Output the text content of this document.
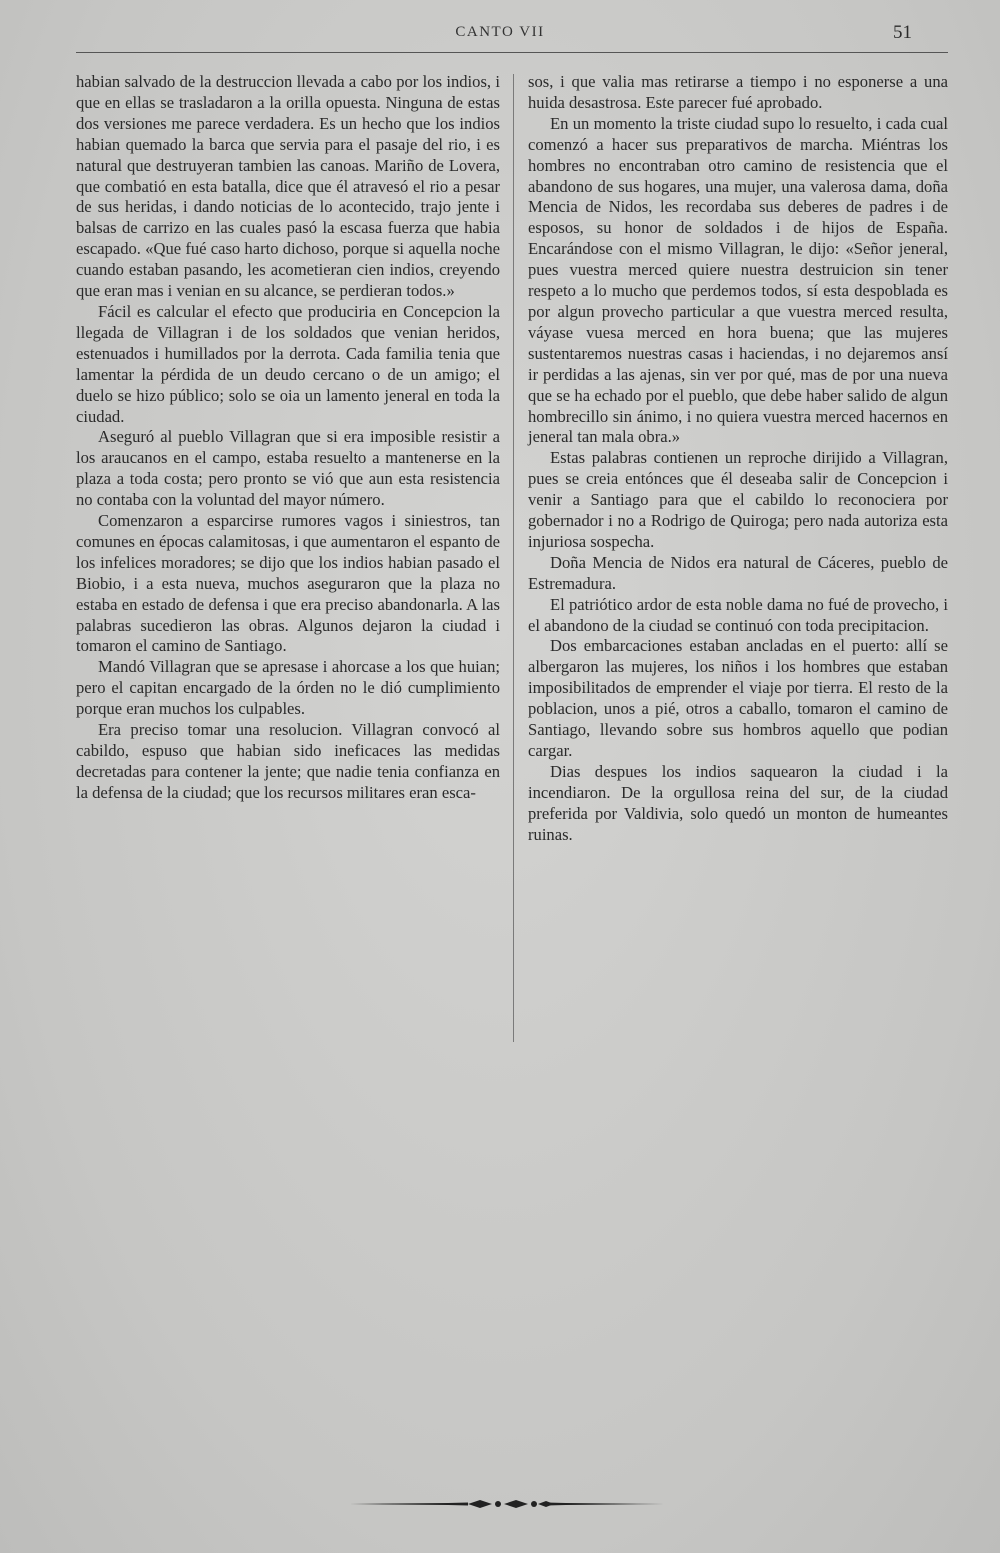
CANTO VII	51

habian salvado de la destruccion llevada a cabo por los indios, i que en ellas se trasladaron a la orilla opuesta. Ninguna de estas dos versiones me parece verdadera. Es un hecho que los indios habian quemado la barca que servia para el pasaje del rio, i es natural que destruyeran tambien las canoas. Mariño de Lovera, que combatió en esta batalla, dice que él atravesó el rio a pesar de sus heridas, i dando noticias de lo acontecido, trajo jente i balsas de carrizo en las cuales pasó la escasa fuerza que habia escapado. «Que fué caso harto dichoso, porque si aquella noche cuando estaban pasando, les acometieran cien indios, creyendo que eran mas i venian en su alcance, se perdieran todos.»

Fácil es calcular el efecto que produciria en Concepcion la llegada de Villagran i de los soldados que venian heridos, estenuados i humillados por la derrota. Cada familia tenia que lamentar la pérdida de un deudo cercano o de un amigo; el duelo se hizo público; solo se oia un lamento jeneral en toda la ciudad.

Aseguró al pueblo Villagran que si era imposible resistir a los araucanos en el campo, estaba resuelto a mantenerse en la plaza a toda costa; pero pronto se vió que aun esta resistencia no contaba con la voluntad del mayor número.

Comenzaron a esparcirse rumores vagos i siniestros, tan comunes en épocas calamitosas, i que aumentaron el espanto de los infelices moradores; se dijo que los indios habian pasado el Biobio, i a esta nueva, muchos aseguraron que la plaza no estaba en estado de defensa i que era preciso abandonarla. A las palabras sucedieron las obras. Algunos dejaron la ciudad i tomaron el camino de Santiago.

Mandó Villagran que se apresase i ahorcase a los que huian; pero el capitan encargado de la órden no le dió cumplimiento porque eran muchos los culpables.

Era preciso tomar una resolucion. Villagran convocó al cabildo, espuso que habian sido ineficaces las medidas decretadas para contener la jente; que nadie tenia confianza en la defensa de la ciudad; que los recursos militares eran esca-

sos, i que valia mas retirarse a tiempo i no esponerse a una huida desastrosa. Este parecer fué aprobado.

En un momento la triste ciudad supo lo resuelto, i cada cual comenzó a hacer sus preparativos de marcha. Miéntras los hombres no encontraban otro camino de resistencia que el abandono de sus hogares, una mujer, una valerosa dama, doña Mencia de Nidos, les recordaba sus deberes de padres i de esposos, su honor de soldados i de hijos de España. Encarándose con el mismo Villagran, le dijo: «Señor jeneral, pues vuestra merced quiere nuestra destruicion sin tener respeto a lo mucho que perdemos todos, sí esta despoblada es por algun provecho particular a que vuestra merced resulta, váyase vuesa merced en hora buena; que las mujeres sustentaremos nuestras casas i haciendas, i no dejaremos ansí ir perdidas a las ajenas, sin ver por qué, mas de por una nueva que se ha echado por el pueblo, que debe haber salido de algun hombrecillo sin ánimo, i no quiera vuestra merced hacernos en jeneral tan mala obra.»

Estas palabras contienen un reproche dirijido a Villagran, pues se creia entónces que él deseaba salir de Concepcion i venir a Santiago para que el cabildo lo reconociera por gobernador i no a Rodrigo de Quiroga; pero nada autoriza esta injuriosa sospecha.

Doña Mencia de Nidos era natural de Cáceres, pueblo de Estremadura.

El patriótico ardor de esta noble dama no fué de provecho, i el abandono de la ciudad se continuó con toda precipitacion.

Dos embarcaciones estaban ancladas en el puerto: allí se albergaron las mujeres, los niños i los hombres que estaban imposibilitados de emprender el viaje por tierra. El resto de la poblacion, unos a pié, otros a caballo, tomaron el camino de Santiago, llevando sobre sus hombros aquello que podian cargar.

Dias despues los indios saquearon la ciudad i la incendiaron. De la orgullosa reina del sur, de la ciudad preferida por Valdivia, solo quedó un monton de humeantes ruinas.
